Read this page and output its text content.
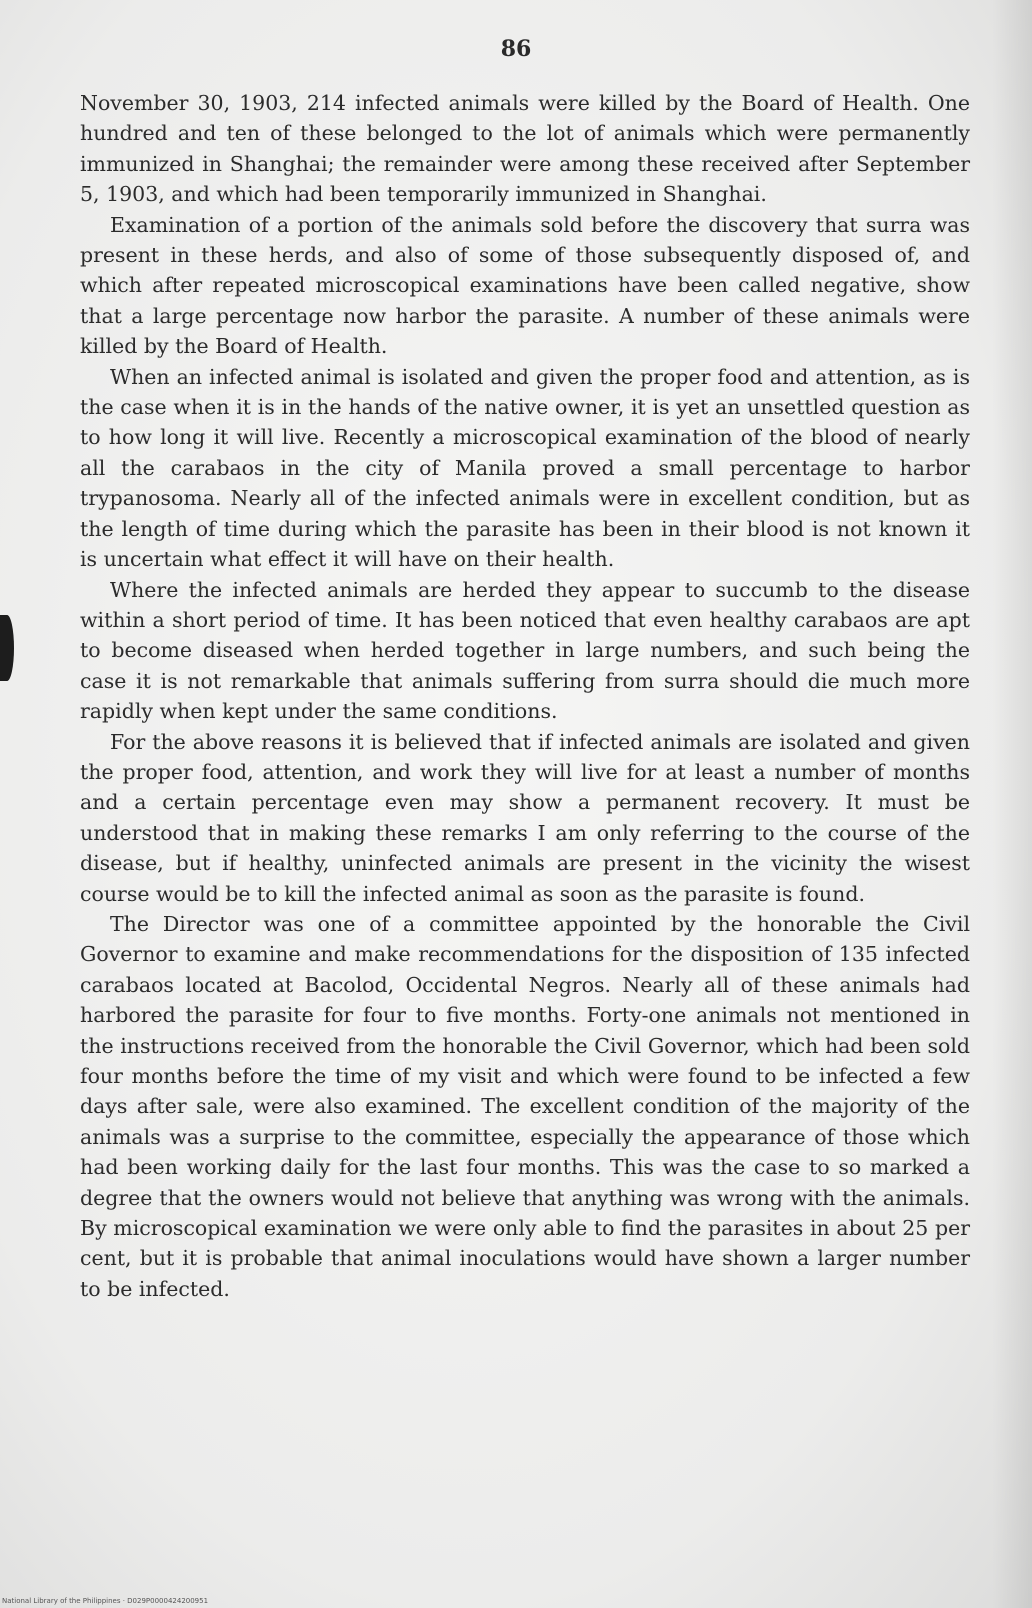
86

November 30, 1903, 214 infected animals were killed by the Board of Health. One hundred and ten of these belonged to the lot of animals which were permanently immunized in Shanghai; the remainder were among these received after September 5, 1903, and which had been temporarily immunized in Shanghai.

Examination of a portion of the animals sold before the discovery that surra was present in these herds, and also of some of those subsequently disposed of, and which after repeated microscopical examinations have been called negative, show that a large percentage now harbor the parasite. A number of these animals were killed by the Board of Health.

When an infected animal is isolated and given the proper food and attention, as is the case when it is in the hands of the native owner, it is yet an unsettled question as to how long it will live. Recently a microscopical examination of the blood of nearly all the carabaos in the city of Manila proved a small percentage to harbor trypanosoma. Nearly all of the infected animals were in excellent condition, but as the length of time during which the parasite has been in their blood is not known it is uncertain what effect it will have on their health.

Where the infected animals are herded they appear to succumb to the disease within a short period of time. It has been noticed that even healthy carabaos are apt to become diseased when herded together in large numbers, and such being the case it is not remarkable that animals suffering from surra should die much more rapidly when kept under the same conditions.

For the above reasons it is believed that if infected animals are isolated and given the proper food, attention, and work they will live for at least a number of months and a certain percentage even may show a permanent recovery. It must be understood that in making these remarks I am only referring to the course of the disease, but if healthy, uninfected animals are present in the vicinity the wisest course would be to kill the infected animal as soon as the parasite is found.

The Director was one of a committee appointed by the honorable the Civil Governor to examine and make recommendations for the disposition of 135 infected carabaos located at Bacolod, Occidental Negros. Nearly all of these animals had harbored the parasite for four to five months. Forty-one animals not mentioned in the instructions received from the honorable the Civil Governor, which had been sold four months before the time of my visit and which were found to be infected a few days after sale, were also examined. The excellent condition of the majority of the animals was a surprise to the committee, especially the appearance of those which had been working daily for the last four months. This was the case to so marked a degree that the owners would not believe that anything was wrong with the animals. By microscopical examination we were only able to find the parasites in about 25 per cent, but it is probable that animal inoculations would have shown a larger number to be infected.

National Library of the Philippines · D029P0000424200951
